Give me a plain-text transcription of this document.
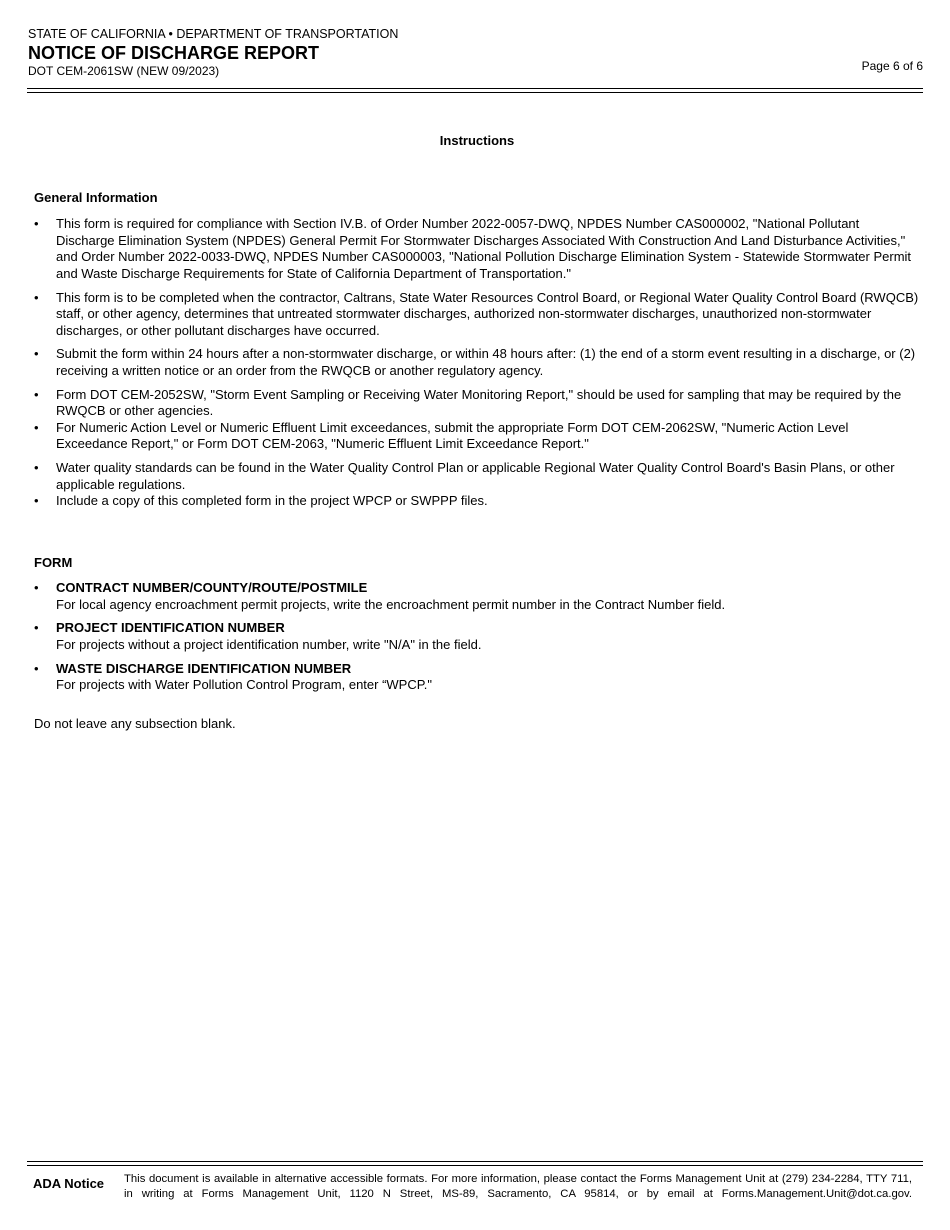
STATE OF CALIFORNIA • DEPARTMENT OF TRANSPORTATION
NOTICE OF DISCHARGE REPORT
DOT CEM-2061SW (NEW 09/2023)	Page 6 of 6
Instructions
General Information
• This form is required for compliance with Section IV.B. of Order Number 2022-0057-DWQ, NPDES Number CAS000002, "National Pollutant Discharge Elimination System (NPDES) General Permit For Stormwater Discharges Associated With Construction And Land Disturbance Activities," and Order Number 2022-0033-DWQ, NPDES Number CAS000003, "National Pollution Discharge Elimination System - Statewide Stormwater Permit and Waste Discharge Requirements for State of California Department of Transportation."
• This form is to be completed when the contractor, Caltrans, State Water Resources Control Board, or Regional Water Quality Control Board (RWQCB) staff, or other agency, determines that untreated stormwater discharges, authorized non-stormwater discharges, unauthorized non-stormwater discharges, or other pollutant discharges have occurred.
• Submit the form within 24 hours after a non-stormwater discharge, or within 48 hours after: (1) the end of a storm event resulting in a discharge, or (2) receiving a written notice or an order from the RWQCB or another regulatory agency.
• Form DOT CEM-2052SW, "Storm Event Sampling or Receiving Water Monitoring Report," should be used for sampling that may be required by the RWQCB or other agencies.
• For Numeric Action Level or Numeric Effluent Limit exceedances, submit the appropriate Form DOT CEM-2062SW, "Numeric Action Level Exceedance Report," or Form DOT CEM-2063, "Numeric Effluent Limit Exceedance Report."
• Water quality standards can be found in the Water Quality Control Plan or applicable Regional Water Quality Control Board's Basin Plans, or other applicable regulations.
• Include a copy of this completed form in the project WPCP or SWPPP files.
FORM
• CONTRACT NUMBER/COUNTY/ROUTE/POSTMILE
For local agency encroachment permit projects, write the encroachment permit number in the Contract Number field.
• PROJECT IDENTIFICATION NUMBER
For projects without a project identification number, write "N/A" in the field.
• WASTE DISCHARGE IDENTIFICATION NUMBER
For projects with Water Pollution Control Program, enter “WPCP."
Do not leave any subsection blank.
ADA Notice This document is available in alternative accessible formats. For more information, please contact the Forms Management Unit at (279) 234-2284, TTY 711, in writing at Forms Management Unit, 1120 N Street, MS-89, Sacramento, CA 95814, or by email at Forms.Management.Unit@dot.ca.gov.
